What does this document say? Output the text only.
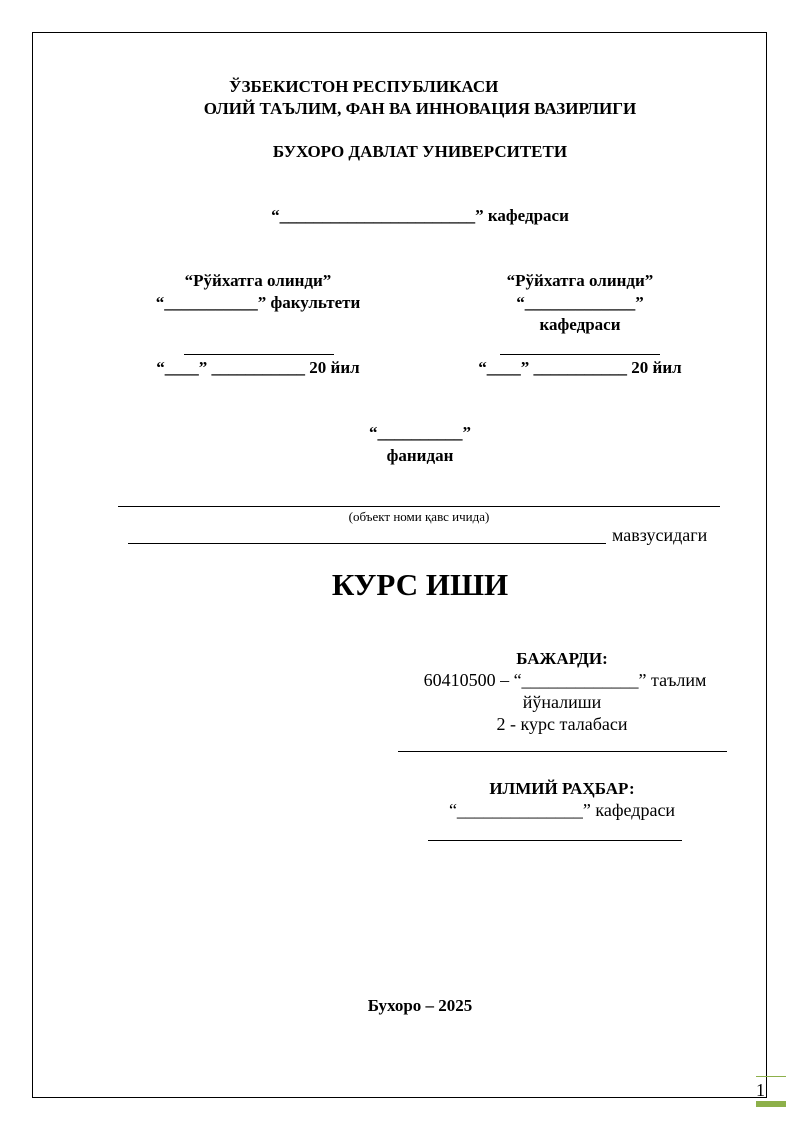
ЎЗБЕКИСТОН РЕСПУБЛИКАСИ
ОЛИЙ ТАЪЛИМ, ФАН ВА ИННОВАЦИЯ ВАЗИРЛИГИ
БУХОРО ДАВЛАТ УНИВЕРСИТЕТИ
“_______________________” кафедраси
“Рўйхатга олинди”
“___________” факультети
“____” ___________ 20 йил
“Рўйхатга олинди”
“_____________”
кафедраси
“____” ___________ 20 йил
“__________”
фанидан
(объект номи қавс ичида)
мавзусидаги
КУРС ИШИ
БАЖАРДИ:
60410500 – “_____________” таълим
йўналиши
2 - курс талабаси
ИЛМИЙ РАҲБАР:
“______________” кафедраси
Бухоро – 2025
1
